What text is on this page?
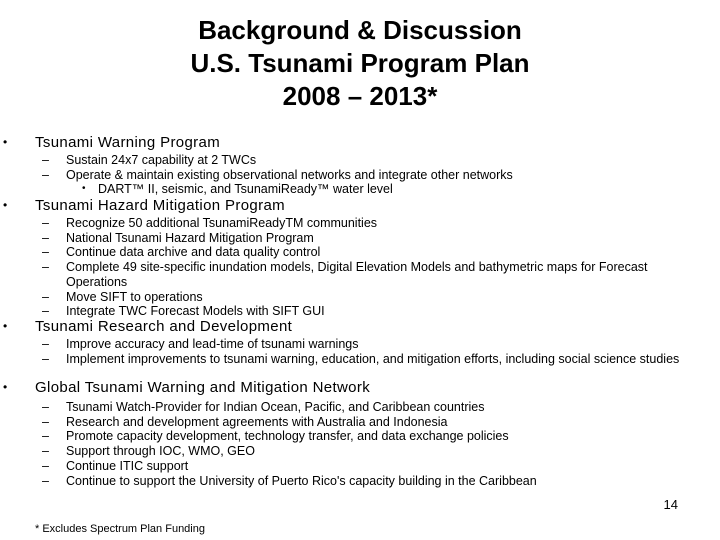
Background & Discussion
U.S. Tsunami Program Plan
2008 – 2013*
• Tsunami Warning Program
– Sustain 24x7 capability at 2 TWCs
– Operate & maintain existing observational networks and integrate other networks
• DART™ II, seismic, and TsunamiReady™ water level
• Tsunami Hazard Mitigation Program
– Recognize 50 additional TsunamiReadyTM communities
– National Tsunami Hazard Mitigation Program
– Continue data archive and data quality control
– Complete 49 site-specific inundation models, Digital Elevation Models and bathymetric maps for Forecast Operations
– Move SIFT to operations
– Integrate TWC Forecast Models with SIFT GUI
• Tsunami Research and Development
– Improve accuracy and lead-time of tsunami warnings
– Implement improvements to tsunami warning, education, and mitigation efforts, including social science studies
• Global Tsunami Warning and Mitigation Network
– Tsunami Watch-Provider for Indian Ocean, Pacific, and Caribbean countries
– Research and development agreements with Australia and Indonesia
– Promote capacity development, technology transfer, and data exchange policies
– Support through IOC, WMO, GEO
– Continue ITIC support
– Continue to support the University of Puerto Rico's capacity building in the Caribbean
14
* Excludes Spectrum Plan Funding
